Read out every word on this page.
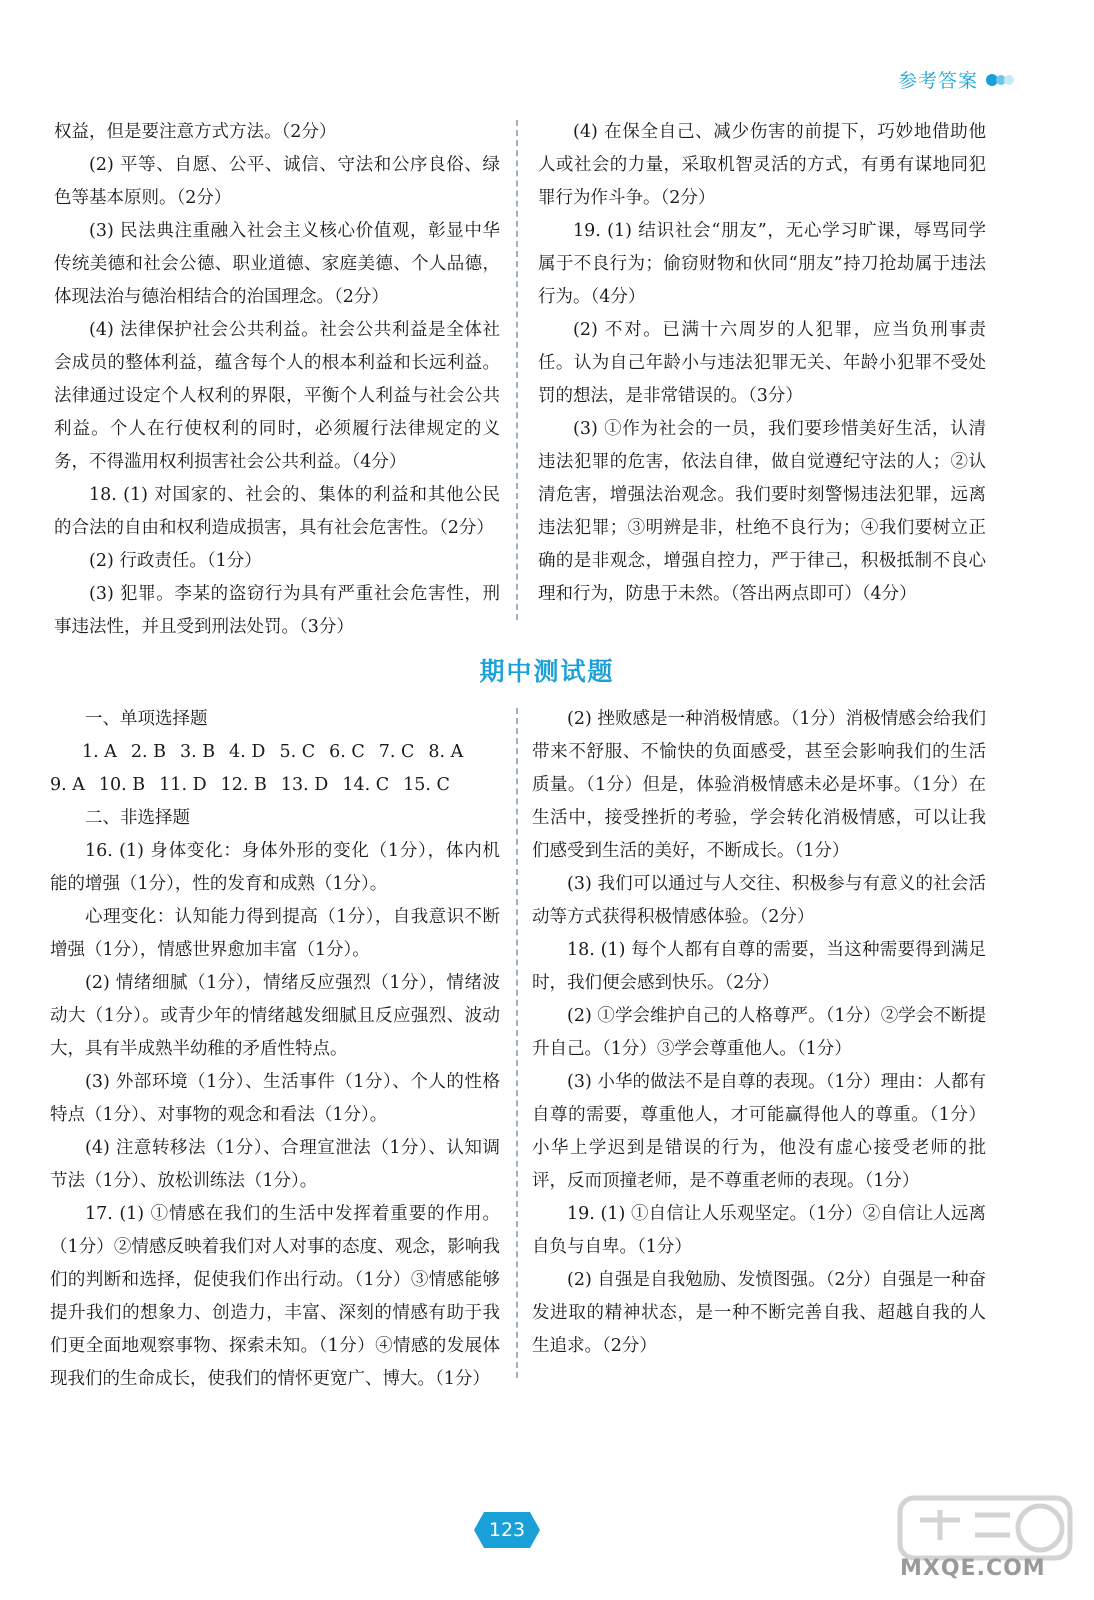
参考答案

权益，但是要注意方式方法。（2分）

(2) 平等、自愿、公平、诚信、守法和公序良俗、绿色等基本原则。（2分）

(3) 民法典注重融入社会主义核心价值观，彰显中华传统美德和社会公德、职业道德、家庭美德、个人品德，体现法治与德治相结合的治国理念。（2分）

(4) 法律保护社会公共利益。社会公共利益是全体社会成员的整体利益，蕴含每个人的根本利益和长远利益。法律通过设定个人权利的界限，平衡个人利益与社会公共利益。个人在行使权利的同时，必须履行法律规定的义务，不得滥用权利损害社会公共利益。（4分）

18. (1) 对国家的、社会的、集体的利益和其他公民的合法的自由和权利造成损害，具有社会危害性。（2分）

(2) 行政责任。（1分）

(3) 犯罪。李某的盗窃行为具有严重社会危害性，刑事违法性，并且受到刑法处罚。（3分）

(4) 在保全自己、减少伤害的前提下，巧妙地借助他人或社会的力量，采取机智灵活的方式，有勇有谋地同犯罪行为作斗争。（2分）

19. (1) 结识社会“朋友”，无心学习旷课，辱骂同学属于不良行为；偷窃财物和伙同“朋友”持刀抢劫属于违法行为。（4分）

(2) 不对。已满十六周岁的人犯罪，应当负刑事责任。认为自己年龄小与违法犯罪无关、年龄小犯罪不受处罚的想法，是非常错误的。（3分）

(3) ①作为社会的一员，我们要珍惜美好生活，认清违法犯罪的危害，依法自律，做自觉遵纪守法的人；②认清危害，增强法治观念。我们要时刻警惕违法犯罪，远离违法犯罪；③明辨是非，杜绝不良行为；④我们要树立正确的是非观念，增强自控力，严于律己，积极抵制不良心理和行为，防患于未然。（答出两点即可）（4分）

期中测试题

一、单项选择题

1. A 2. B 3. B 4. D 5. C 6. C 7. C 8. A
9. A 10. B 11. D 12. B 13. D 14. C 15. C

二、非选择题

16. (1) 身体变化：身体外形的变化（1分），体内机能的增强（1分），性的发育和成熟（1分）。

心理变化：认知能力得到提高（1分），自我意识不断增强（1分），情感世界愈加丰富（1分）。

(2) 情绪细腻（1分），情绪反应强烈（1分），情绪波动大（1分）。或青少年的情绪越发细腻且反应强烈、波动大，具有半成熟半幼稚的矛盾性特点。

(3) 外部环境（1分）、生活事件（1分）、个人的性格特点（1分）、对事物的观念和看法（1分）。

(4) 注意转移法（1分）、合理宣泄法（1分）、认知调节法（1分）、放松训练法（1分）。

17. (1) ①情感在我们的生活中发挥着重要的作用。（1分）②情感反映着我们对人对事的态度、观念，影响我们的判断和选择，促使我们作出行动。（1分）③情感能够提升我们的想象力、创造力，丰富、深刻的情感有助于我们更全面地观察事物、探索未知。（1分）④情感的发展体现我们的生命成长，使我们的情怀更宽广、博大。（1分）

(2) 挫败感是一种消极情感。（1分）消极情感会给我们带来不舒服、不愉快的负面感受，甚至会影响我们的生活质量。（1分）但是，体验消极情感未必是坏事。（1分）在生活中，接受挫折的考验，学会转化消极情感，可以让我们感受到生活的美好，不断成长。（1分）

(3) 我们可以通过与人交往、积极参与有意义的社会活动等方式获得积极情感体验。（2分）

18. (1) 每个人都有自尊的需要，当这种需要得到满足时，我们便会感到快乐。（2分）

(2) ①学会维护自己的人格尊严。（1分）②学会不断提升自己。（1分）③学会尊重他人。（1分）

(3) 小华的做法不是自尊的表现。（1分）理由：人都有自尊的需要，尊重他人，才可能赢得他人的尊重。（1分）小华上学迟到是错误的行为，他没有虚心接受老师的批评，反而顶撞老师，是不尊重老师的表现。（1分）

19. (1) ①自信让人乐观坚定。（1分）②自信让人远离自负与自卑。（1分）

(2) 自强是自我勉励、发愤图强。（2分）自强是一种奋发进取的精神状态，是一种不断完善自我、超越自我的人生追求。（2分）

123
MXQE.COM
